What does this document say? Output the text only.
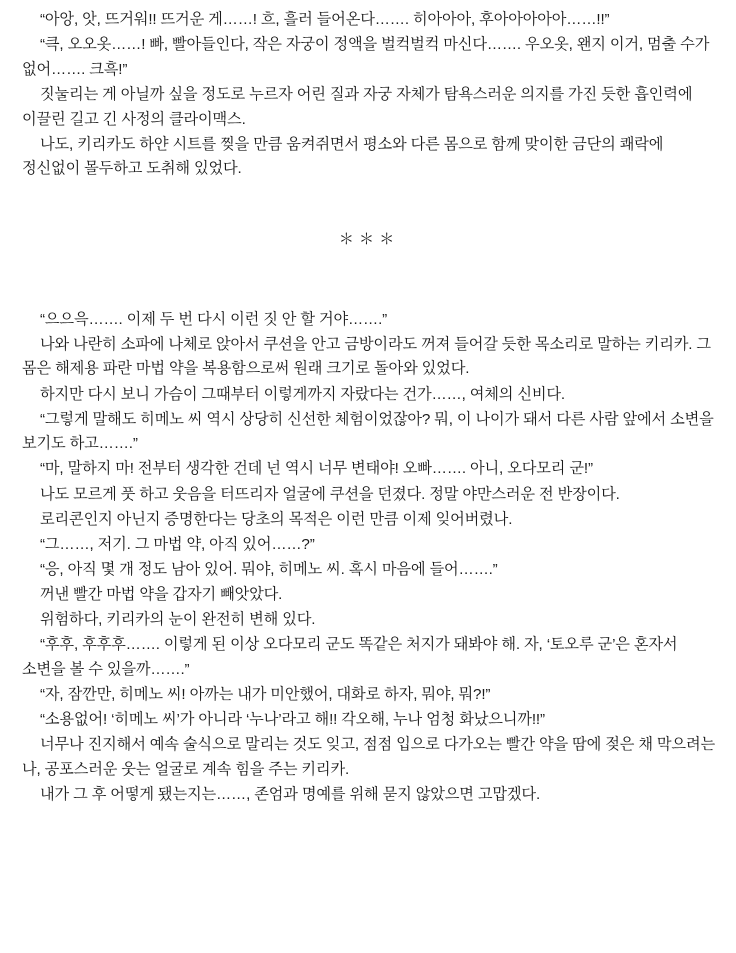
“아앙, 앗, 뜨거워!! 뜨거운 게……! 흐, 흘러 들어온다……. 히아아아, 후아아아아아……!!”

“큭, 오오옷……! 빠, 빨아들인다, 작은 자궁이 정액을 벌컥벌컥 마신다……. 우오옷, 왠지 이거, 멈출 수가 없어……. 크흑!”

짓눌리는 게 아닐까 싶을 정도로 누르자 어린 질과 자궁 자체가 탐욕스러운 의지를 가진 듯한 흡인력에 이끌린 길고 긴 사정의 클라이맥스.

나도, 키리카도 하얀 시트를 찢을 만큼 움켜쥐면서 평소와 다른 몸으로 함께 맞이한 금단의 쾌락에 정신없이 몰두하고 도취해 있었다.

＊＊＊

“으으윽……. 이제 두 번 다시 이런 짓 안 할 거야…….”

나와 나란히 소파에 나체로 앉아서 쿠션을 안고 금방이라도 꺼져 들어갈 듯한 목소리로 말하는 키리카. 그 몸은 해제용 파란 마법 약을 복용함으로써 원래 크기로 돌아와 있었다.

하지만 다시 보니 가슴이 그때부터 이렇게까지 자랐다는 건가……, 여체의 신비다.

“그렇게 말해도 히메노 씨 역시 상당히 신선한 체험이었잖아? 뭐, 이 나이가 돼서 다른 사람 앞에서 소변을 보기도 하고…….”

“마, 말하지 마! 전부터 생각한 건데 넌 역시 너무 변태야! 오빠……. 아니, 오다모리 군!”

나도 모르게 풋 하고 웃음을 터뜨리자 얼굴에 쿠션을 던졌다. 정말 야만스러운 전 반장이다.

로리콘인지 아닌지 증명한다는 당초의 목적은 이런 만큼 이제 잊어버렸나.

“그……, 저기. 그 마법 약, 아직 있어……?”

“응, 아직 몇 개 정도 남아 있어. 뭐야, 히메노 씨. 혹시 마음에 들어…….”

꺼낸 빨간 마법 약을 갑자기 빼앗았다.

위험하다, 키리카의 눈이 완전히 변해 있다.

“후후, 후후후……. 이렇게 된 이상 오다모리 군도 똑같은 처지가 돼봐야 해. 자, ‘토오루 군’은 혼자서 소변을 볼 수 있을까…….”

“자, 잠깐만, 히메노 씨! 아까는 내가 미안했어, 대화로 하자, 뭐야, 뭐?!”

“소용없어! ‘히메노 씨’가 아니라 ‘누나’라고 해!! 각오해, 누나 엄청 화났으니까!!”

너무나 진지해서 예속 술식으로 말리는 것도 잊고, 점점 입으로 다가오는 빨간 약을 땀에 젖은 채 막으려는 나, 공포스러운 웃는 얼굴로 계속 힘을 주는 키리카.

내가 그 후 어떻게 됐는지는……, 존엄과 명예를 위해 묻지 않았으면 고맙겠다.
